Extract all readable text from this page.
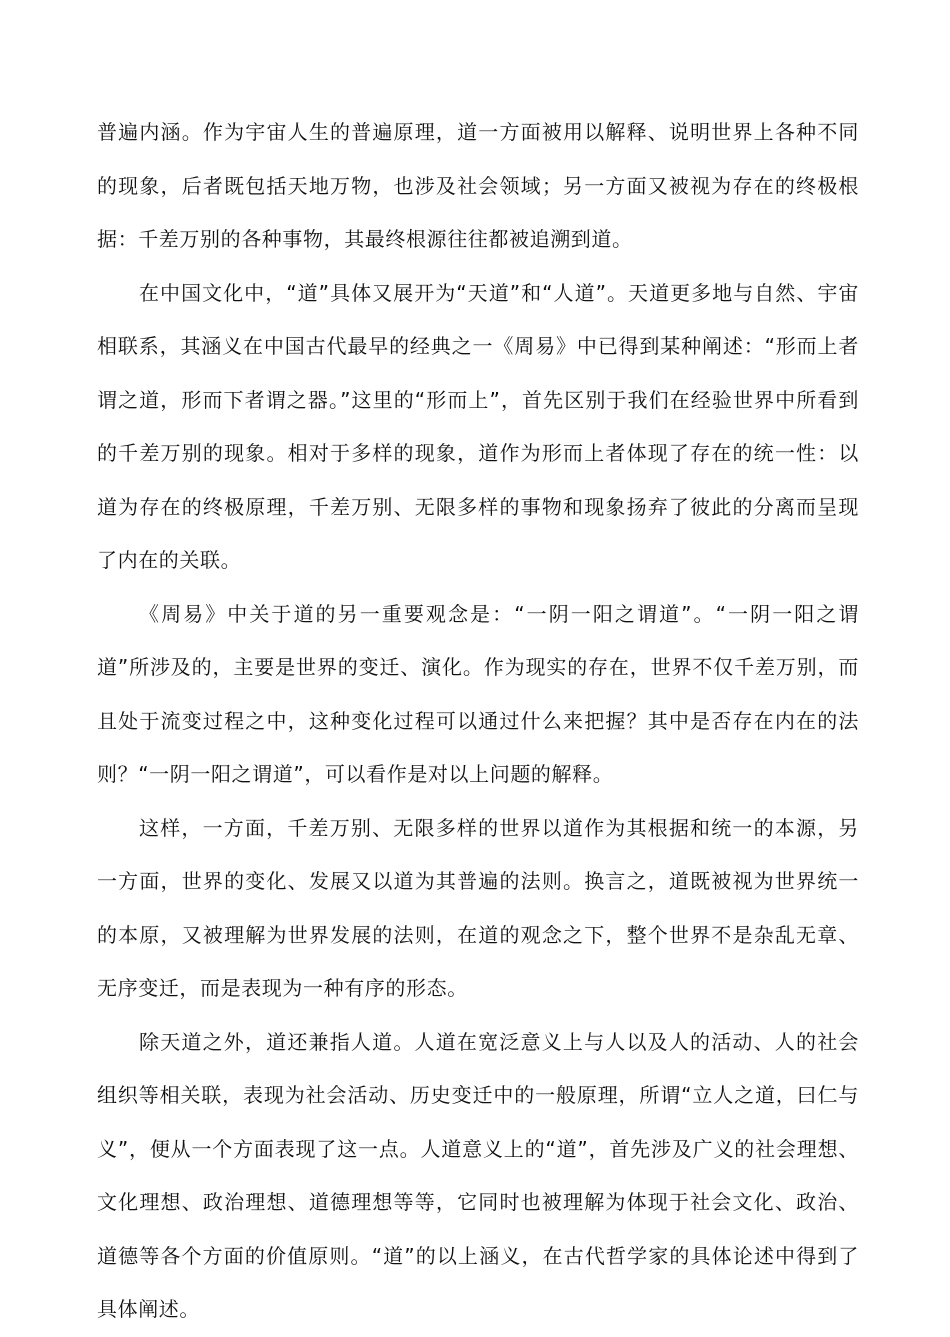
普遍内涵。作为宇宙人生的普遍原理，道一方面被用以解释、说明世界上各种不同的现象，后者既包括天地万物，也涉及社会领域；另一方面又被视为存在的终极根据：千差万别的各种事物，其最终根源往往都被追溯到道。

在中国文化中，“道”具体又展开为“天道”和“人道”。天道更多地与自然、宇宙相联系，其涵义在中国古代最早的经典之一《周易》中已得到某种阐述：“形而上者谓之道，形而下者谓之器。”这里的“形而上”，首先区别于我们在经验世界中所看到的千差万别的现象。相对于多样的现象，道作为形而上者体现了存在的统一性：以道为存在的终极原理，千差万别、无限多样的事物和现象扬弃了彼此的分离而呈现了内在的关联。

《周易》中关于道的另一重要观念是：“一阴一阳之谓道”。“一阴一阳之谓道”所涉及的，主要是世界的变迁、演化。作为现实的存在，世界不仅千差万别，而且处于流变过程之中，这种变化过程可以通过什么来把握？其中是否存在内在的法则？“一阴一阳之谓道”，可以看作是对以上问题的解释。

这样，一方面，千差万别、无限多样的世界以道作为其根据和统一的本源，另一方面，世界的变化、发展又以道为其普遍的法则。换言之，道既被视为世界统一的本原，又被理解为世界发展的法则，在道的观念之下，整个世界不是杂乱无章、无序变迁，而是表现为一种有序的形态。

除天道之外，道还兼指人道。人道在宽泛意义上与人以及人的活动、人的社会组织等相关联，表现为社会活动、历史变迁中的一般原理，所谓“立人之道，曰仁与义”，便从一个方面表现了这一点。人道意义上的“道”，首先涉及广义的社会理想、文化理想、政治理想、道德理想等等，它同时也被理解为体现于社会文化、政治、道德等各个方面的价值原则。“道”的以上涵义，在古代哲学家的具体论述中得到了具体阐述。
